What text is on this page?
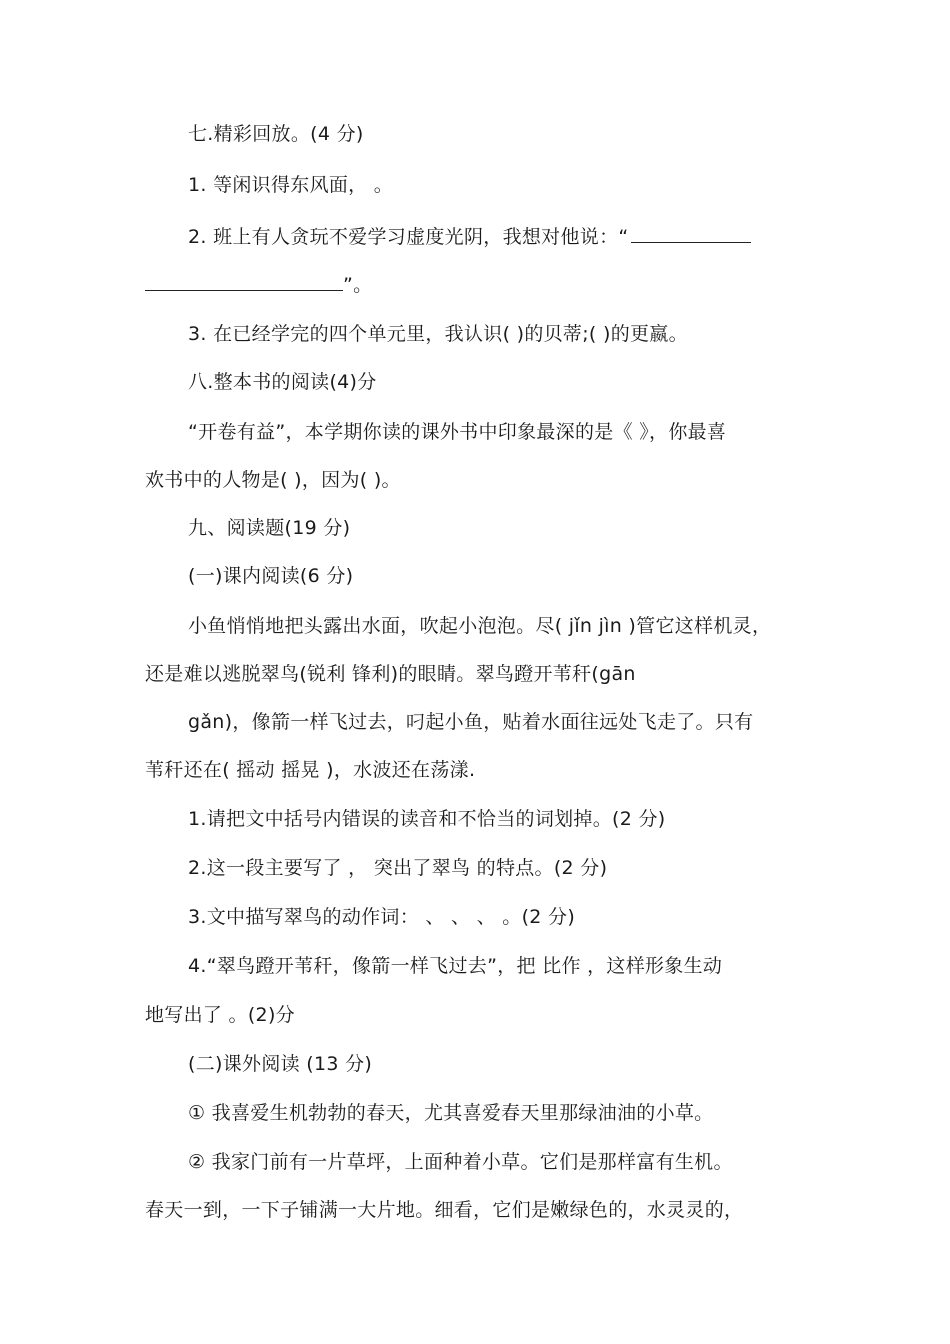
七.精彩回放。(4 分)

1. 等闲识得东风面， 。

2. 班上有人贪玩不爱学习虚度光阴，我想对他说：“

”。

3. 在已经学完的四个单元里，我认识( )的贝蒂;( )的更嬴。

八.整本书的阅读(4)分

“开卷有益”，本学期你读的课外书中印象最深的是《 》，你最喜

欢书中的人物是( )，因为( )。

九、阅读题(19 分)

(一)课内阅读(6 分)

小鱼悄悄地把头露出水面，吹起小泡泡。尽( jǐn jìn )管它这样机灵，

还是难以逃脱翠鸟(锐利 锋利)的眼睛。翠鸟蹬开苇秆(gān

gǎn)，像箭一样飞过去，叼起小鱼，贴着水面往远处飞走了。只有

苇秆还在( 摇动 摇晃 )，水波还在荡漾.

1.请把文中括号内错误的读音和不恰当的词划掉。(2 分)

2.这一段主要写了 ， 突出了翠鸟 的特点。(2 分)

3.文中描写翠鸟的动作词： 、 、 、 。(2 分)

4.“翠鸟蹬开苇秆，像箭一样飞过去”，把 比作 ，这样形象生动

地写出了 。(2)分

(二)课外阅读 (13 分)

① 我喜爱生机勃勃的春天，尤其喜爱春天里那绿油油的小草。

② 我家门前有一片草坪，上面种着小草。它们是那样富有生机。

春天一到，一下子铺满一大片地。细看，它们是嫩绿色的，水灵灵的，
